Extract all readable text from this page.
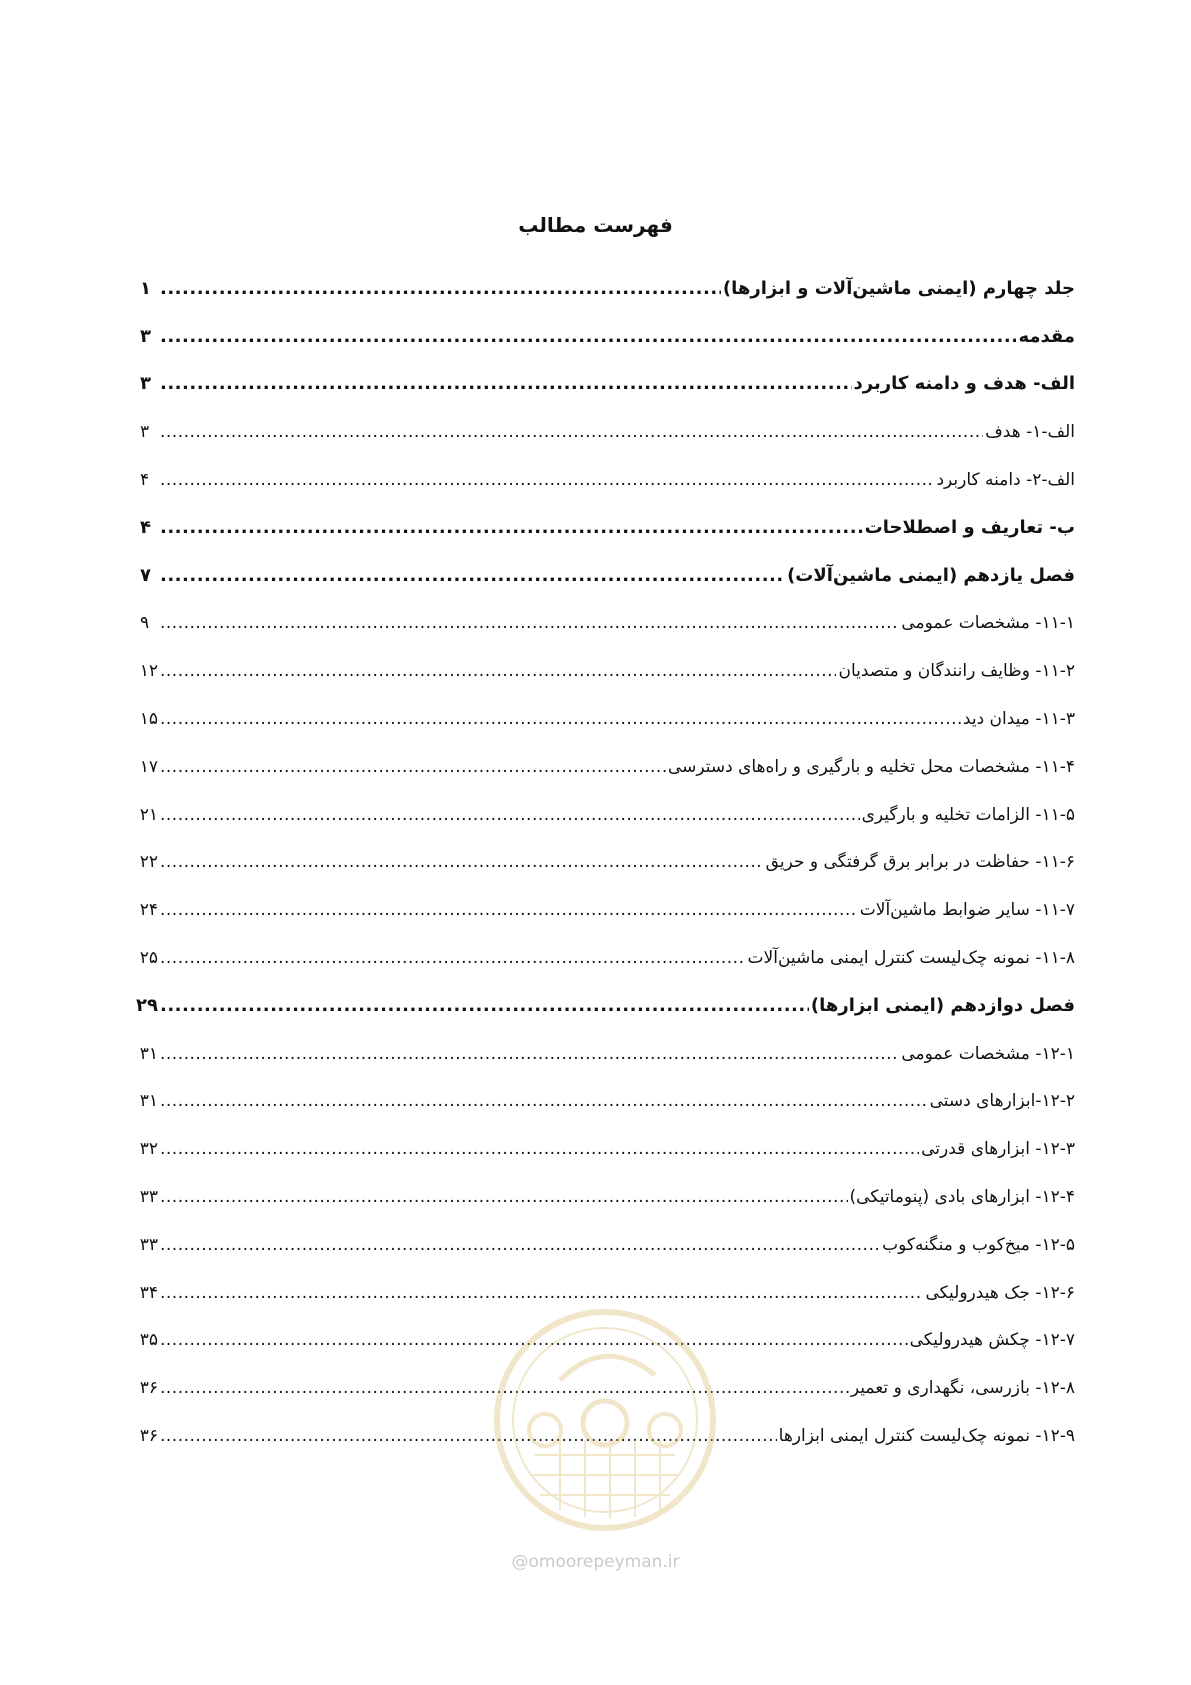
فهرست مطالب
جلد چهارم (ایمنی ماشین‌آلات و ابزارها)
.....
۱
مقدمه
.....
۳
الف- هدف و دامنه کاربرد
.....
۳
الف-۱- هدف
.....
۳
الف-۲- دامنه کاربرد
.....
۴
ب- تعاریف و اصطلاحات
.....
۴
فصل یازدهم (ایمنی ماشین‌آلات)
.....
۷
۱۱-۱- مشخصات عمومی
.....
۹
۱۱-۲- وظایف رانندگان و متصدیان
.....
۱۲
۱۱-۳- میدان دید
.....
۱۵
۱۱-۴- مشخصات محل تخلیه و بارگیری و راه‌های دسترسی
.....
۱۷
۱۱-۵- الزامات تخلیه و بارگیری
.....
۲۱
۱۱-۶- حفاظت در برابر برق گرفتگی و حریق
.....
۲۲
۱۱-۷- سایر ضوابط ماشین‌آلات
.....
۲۴
۱۱-۸- نمونه چک‌لیست کنترل ایمنی ماشین‌آلات
.....
۲۵
فصل دوازدهم (ایمنی ابزارها)
.....
۲۹
۱۲-۱- مشخصات عمومی
.....
۳۱
۱۲-۲-ابزارهای دستی
.....
۳۱
۱۲-۳- ابزارهای قدرتی
.....
۳۲
۱۲-۴- ابزارهای بادی (پنوماتیکی)
.....
۳۳
۱۲-۵- میخ‌کوب و منگنه‌کوب
.....
۳۳
۱۲-۶- جک هیدرولیکی
.....
۳۴
۱۲-۷- چکش هیدرولیکی
.....
۳۵
۱۲-۸- بازرسی، نگهداری و تعمیر
.....
۳۶
۱۲-۹- نمونه چک‌لیست کنترل ایمنی ابزارها
.....
۳۶
@omoorepeyman.ir
